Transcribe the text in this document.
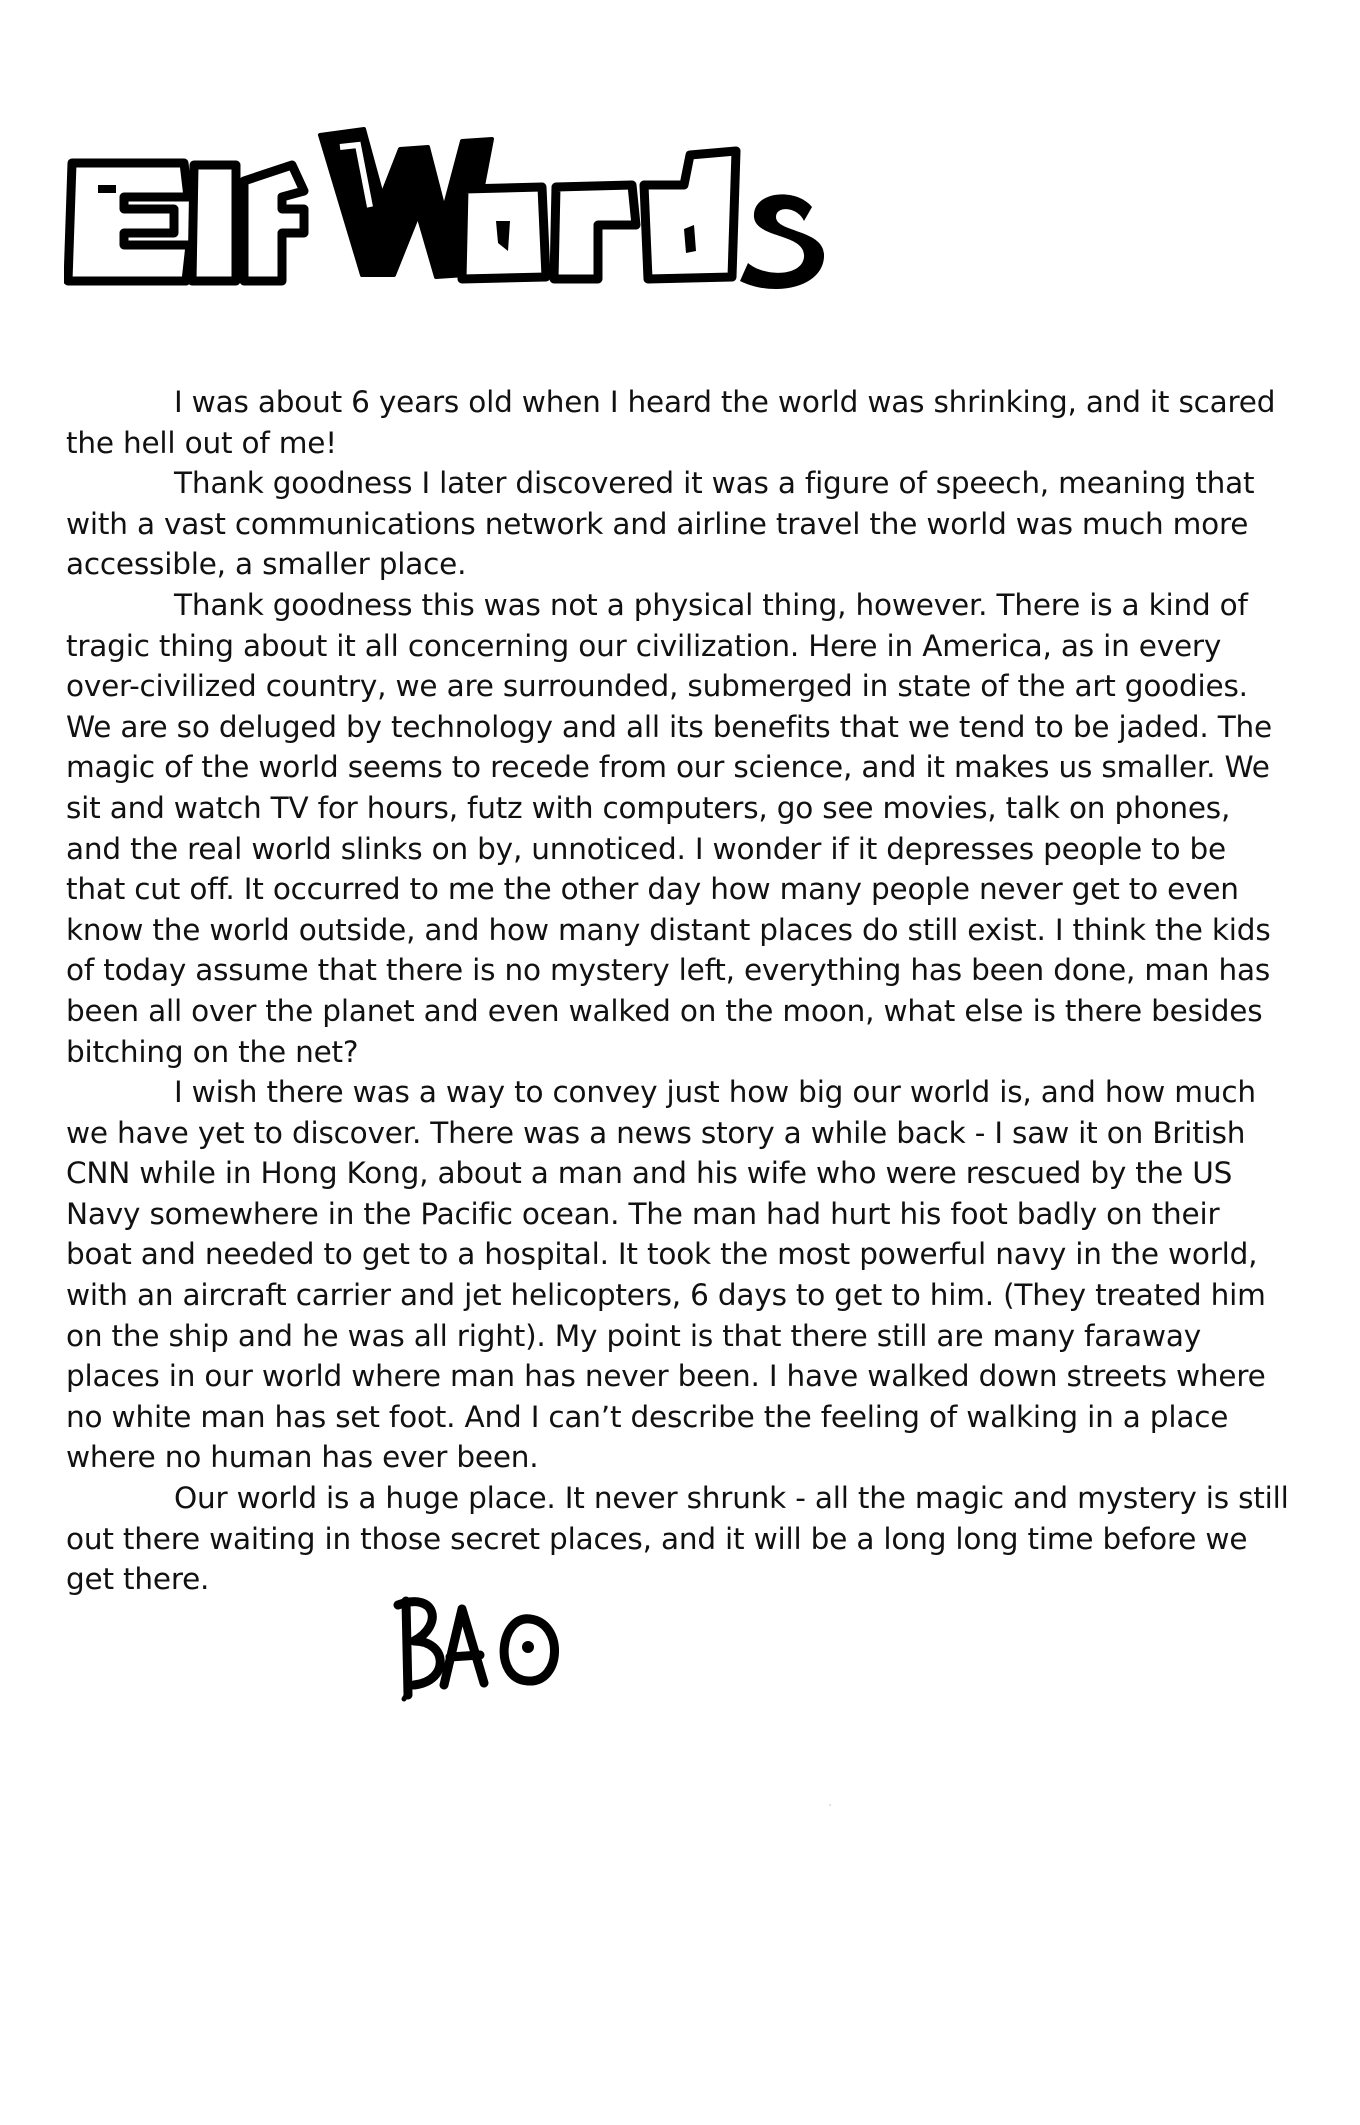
I was about 6 years old when I heard the world was shrinking, and it scared the hell out of me!

Thank goodness I later discovered it was a figure of speech, meaning that with a vast communications network and airline travel the world was much more accessible, a smaller place.

Thank goodness this was not a physical thing, however. There is a kind of tragic thing about it all concerning our civilization. Here in America, as in every over-civilized country, we are surrounded, submerged in state of the art goodies. We are so deluged by technology and all its benefits that we tend to be jaded. The magic of the world seems to recede from our science, and it makes us smaller. We sit and watch TV for hours, futz with computers, go see movies, talk on phones, and the real world slinks on by, unnoticed. I wonder if it depresses people to be that cut off. It occurred to me the other day how many people never get to even know the world outside, and how many distant places do still exist. I think the kids of today assume that there is no mystery left, everything has been done, man has been all over the planet and even walked on the moon, what else is there besides bitching on the net?

I wish there was a way to convey just how big our world is, and how much we have yet to discover. There was a news story a while back - I saw it on British CNN while in Hong Kong, about a man and his wife who were rescued by the US Navy somewhere in the Pacific ocean. The man had hurt his foot badly on their boat and needed to get to a hospital. It took the most powerful navy in the world, with an aircraft carrier and jet helicopters, 6 days to get to him. (They treated him on the ship and he was all right). My point is that there still are many faraway places in our world where man has never been. I have walked down streets where no white man has set foot. And I can’t describe the feeling of walking in a place where no human has ever been.

Our world is a huge place. It never shrunk - all the magic and mystery is still out there waiting in those secret places, and it will be a long long time before we get there.
